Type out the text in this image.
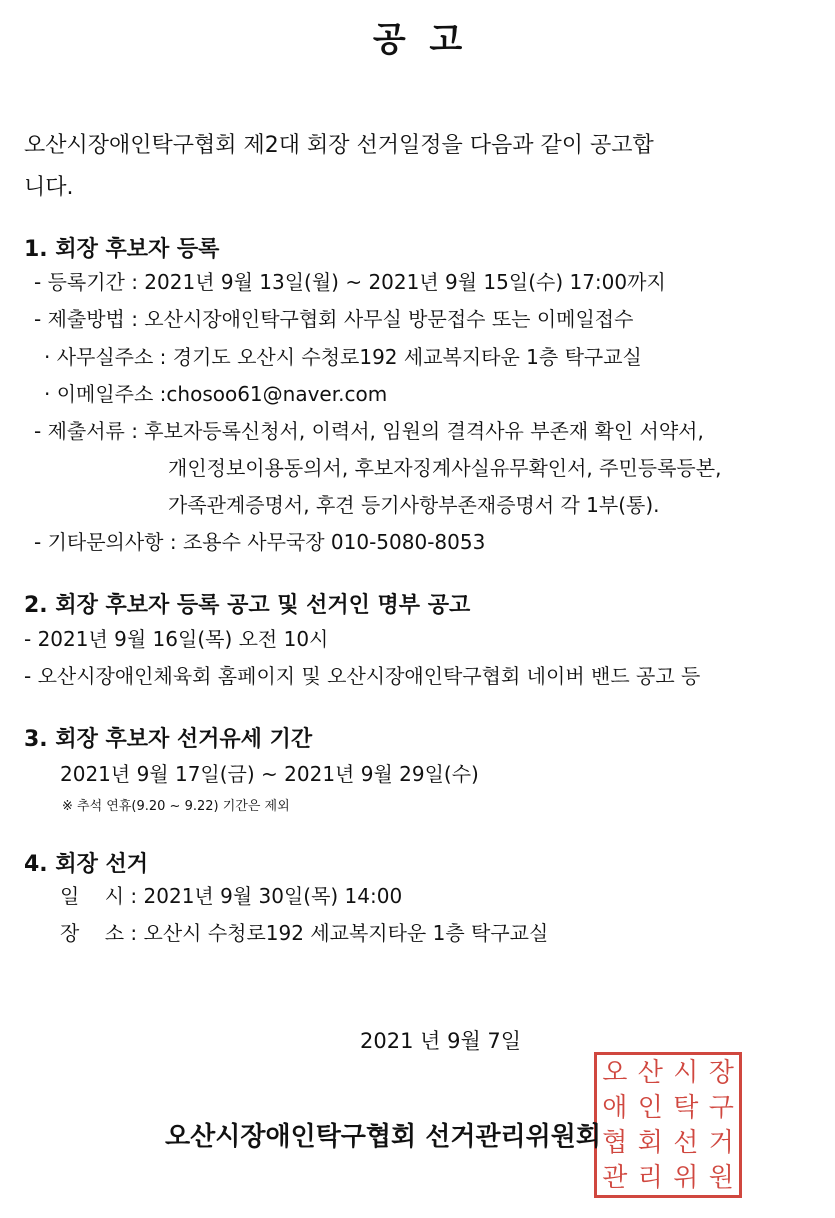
공  고

오산시장애인탁구협회 제2대 회장 선거일정을 다음과 같이 공고합

니다.

1. 회장 후보자 등록

- 등록기간 : 2021년 9월 13일(월) ~ 2021년 9월 15일(수) 17:00까지

- 제출방법 : 오산시장애인탁구협회 사무실 방문접수 또는 이메일접수

· 사무실주소 : 경기도 오산시 수청로192 세교복지타운 1층 탁구교실

· 이메일주소 :chosoo61@naver.com

- 제출서류 : 후보자등록신청서, 이력서, 임원의 결격사유 부존재 확인 서약서,

개인정보이용동의서, 후보자징계사실유무확인서, 주민등록등본,

가족관계증명서, 후견 등기사항부존재증명서 각 1부(통).

- 기타문의사항 : 조용수 사무국장 010-5080-8053

2. 회장 후보자 등록 공고 및 선거인 명부 공고

- 2021년 9월 16일(목) 오전 10시

- 오산시장애인체육회 홈페이지 및 오산시장애인탁구협회 네이버 밴드 공고 등

3. 회장 후보자 선거유세 기간

2021년 9월 17일(금) ~ 2021년 9월 29일(수)

※ 추석 연휴(9.20 ~ 9.22) 기간은 제외

4. 회장 선거

일    시 : 2021년 9월 30일(목) 14:00

장    소 : 오산시 수청로192 세교복지타운 1층 탁구교실

2021 년 9월 7일

오 산 시 장
애 인 탁 구
협 회 선 거
관 리 위 원

오산시장애인탁구협회 선거관리위원회
